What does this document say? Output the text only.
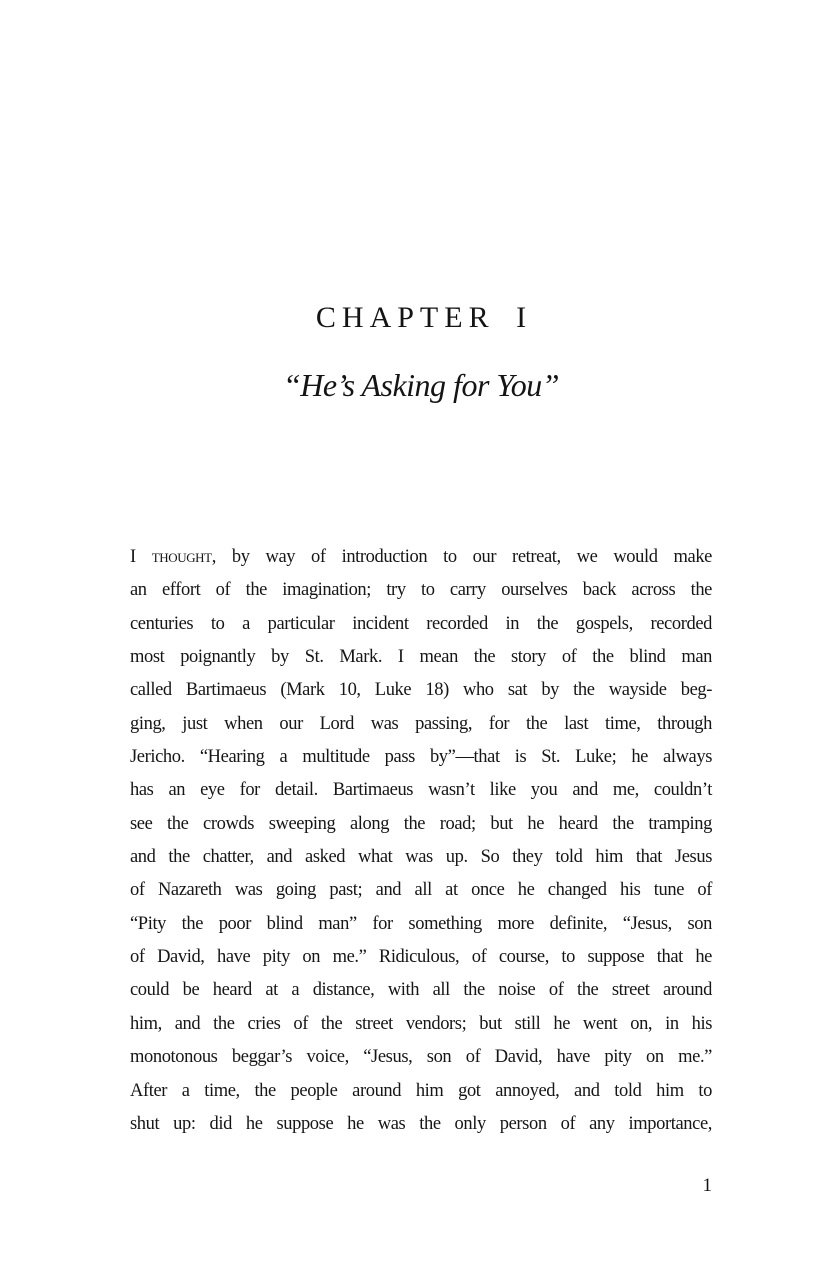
CHAPTER I
“He’s Asking for You”
I thought, by way of introduction to our retreat, we would make
an effort of the imagination; try to carry ourselves back across the
centuries to a particular incident recorded in the gospels, recorded
most poignantly by St. Mark. I mean the story of the blind man
called Bartimaeus (Mark 10, Luke 18) who sat by the wayside beg-
ging, just when our Lord was passing, for the last time, through
Jericho. “Hearing a multitude pass by”—that is St. Luke; he always
has an eye for detail. Bartimaeus wasn’t like you and me, couldn’t
see the crowds sweeping along the road; but he heard the tramping
and the chatter, and asked what was up. So they told him that Jesus
of Nazareth was going past; and all at once he changed his tune of
“Pity the poor blind man” for something more definite, “Jesus, son
of David, have pity on me.” Ridiculous, of course, to suppose that he
could be heard at a distance, with all the noise of the street around
him, and the cries of the street vendors; but still he went on, in his
monotonous beggar’s voice, “Jesus, son of David, have pity on me.”
After a time, the people around him got annoyed, and told him to
shut up: did he suppose he was the only person of any importance,
1
